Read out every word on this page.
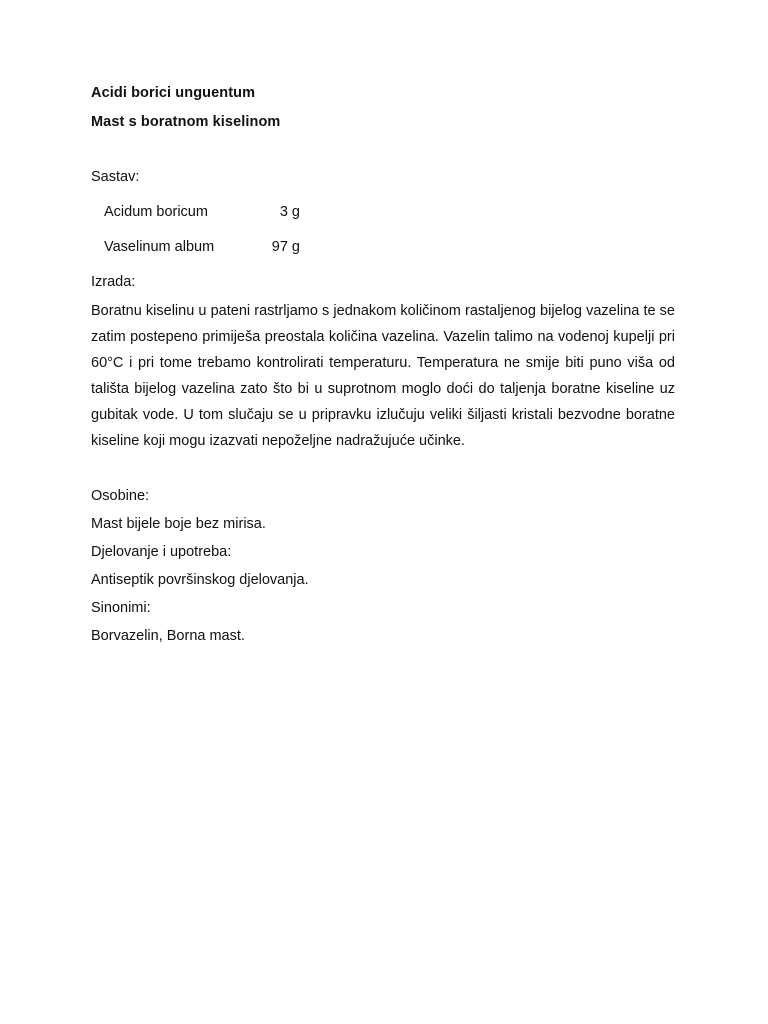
Acidi borici unguentum
Mast s boratnom kiselinom
Sastav:
Acidum boricum	3 g
Vaselinum album	97 g
Izrada:

Boratnu kiselinu u pateni rastrljamo s jednakom količinom rastaljenog bijelog vazelina te se zatim postepeno primiješa preostala količina vazelina. Vazelin talimo na vodenoj kupelji pri 60°C i pri tome trebamo kontrolirati temperaturu. Temperatura ne smije biti puno viša od tališta bijelog vazelina zato što bi u suprotnom moglo doći do taljenja boratne kiseline uz gubitak vode. U tom slučaju se u pripravku izlučuju veliki šiljasti kristali bezvodne boratne kiseline koji mogu izazvati nepoželjne nadražujuće učinke.

Osobine:
Mast bijele boje bez mirisa.
Djelovanje i upotreba:
Antiseptik površinskog djelovanja.
Sinonimi:
Borvazelin, Borna mast.
